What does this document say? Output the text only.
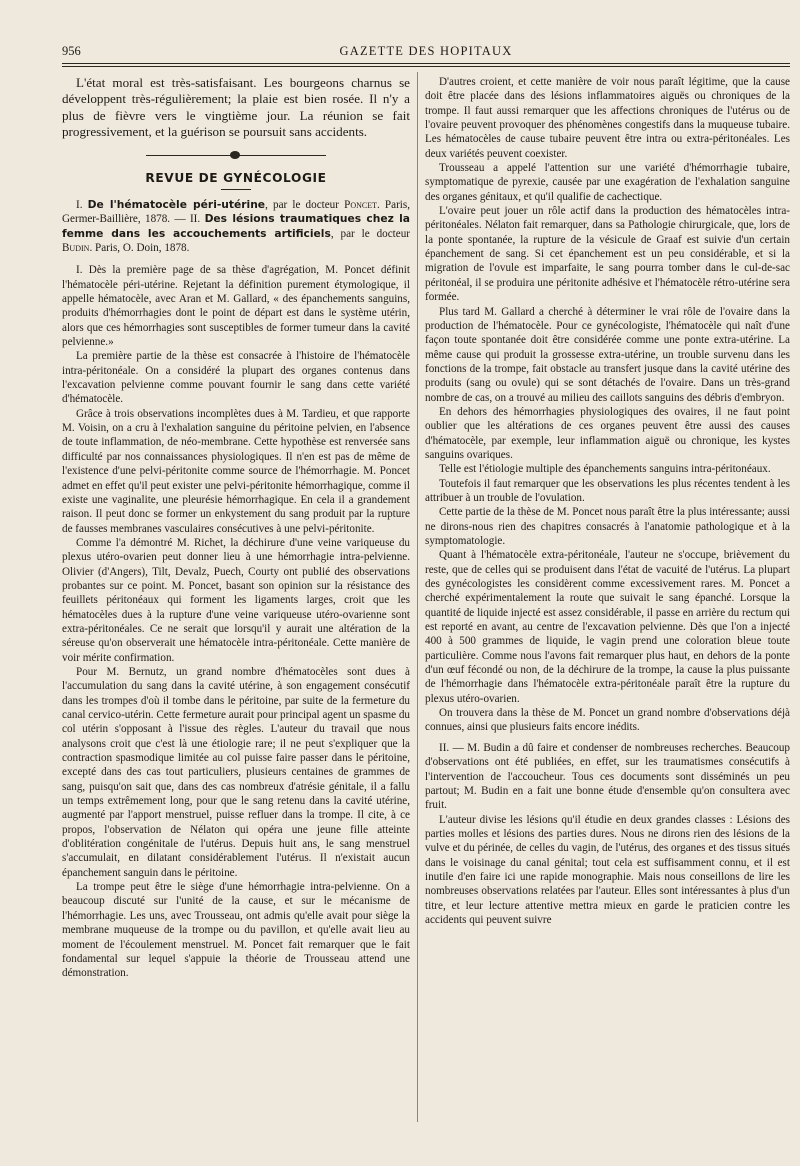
956	GAZETTE DES HOPITAUX

L'état moral est très-satisfaisant. Les bourgeons charnus se développent très-régulièrement; la plaie est bien rosée. Il n'y a plus de fièvre vers le vingtième jour. La réunion se fait progressivement, et la guérison se poursuit sans accidents.

REVUE DE GYNÉCOLOGIE

I. De l'hématocèle péri-utérine, par le docteur Poncet. Paris, Germer-Baillière, 1878. — II. Des lésions traumatiques chez la femme dans les accouchements artificiels, par le docteur Budin. Paris, O. Doin, 1878.

I. Dès la première page de sa thèse d'agrégation, M. Poncet définit l'hématocèle péri-utérine. Rejetant la définition purement étymologique, il appelle hématocèle, avec Aran et M. Gallard, « des épanchements sanguins, produits d'hémorrhagies dont le point de départ est dans le système utérin, alors que ces hémorrhagies sont susceptibles de former tumeur dans la cavité pelvienne.»

La première partie de la thèse est consacrée à l'histoire de l'hématocèle intra-péritonéale. On a considéré la plupart des organes contenus dans l'excavation pelvienne comme pouvant fournir le sang dans cette variété d'hématocèle.

Grâce à trois observations incomplètes dues à M. Tardieu, et que rapporte M. Voisin, on a cru à l'exhalation sanguine du péritoine pelvien, en l'absence de toute inflammation, de néo-membrane. Cette hypothèse est renversée sans difficulté par nos connaissances physiologiques. Il n'en est pas de même de l'existence d'une pelvi-péritonite comme source de l'hémorrhagie. M. Poncet admet en effet qu'il peut exister une pelvi-péritonite hémorrhagique, comme il existe une vaginalite, une pleurésie hémorrhagique. En cela il a grandement raison. Il peut donc se former un enkystement du sang produit par la rupture de fausses membranes vasculaires consécutives à une pelvi-péritonite.

Comme l'a démontré M. Richet, la déchirure d'une veine variqueuse du plexus utéro-ovarien peut donner lieu à une hémorrhagie intra-pelvienne. Olivier (d'Angers), Tilt, Devalz, Puech, Courty ont publié des observations probantes sur ce point. M. Poncet, basant son opinion sur la résistance des feuillets péritonéaux qui forment les ligaments larges, croit que les hématocèles dues à la rupture d'une veine variqueuse utéro-ovarienne sont extra-péritonéales. Ce ne serait que lorsqu'il y aurait une altération de la séreuse qu'on observerait une hématocèle intra-péritonéale. Cette manière de voir mérite confirmation.

Pour M. Bernutz, un grand nombre d'hématocèles sont dues à l'accumulation du sang dans la cavité utérine, à son engagement consécutif dans les trompes d'où il tombe dans le péritoine, par suite de la fermeture du canal cervico-utérin. Cette fermeture aurait pour principal agent un spasme du col utérin s'opposant à l'issue des règles. L'auteur du travail que nous analysons croit que c'est là une étiologie rare; il ne peut s'expliquer que la contraction spasmodique limitée au col puisse faire passer dans le péritoine, excepté dans des cas tout particuliers, plusieurs centaines de grammes de sang, puisqu'on sait que, dans des cas nombreux d'atrésie génitale, il a fallu un temps extrêmement long, pour que le sang retenu dans la cavité utérine, augmenté par l'apport menstruel, puisse refluer dans la trompe. Il cite, à ce propos, l'observation de Nélaton qui opéra une jeune fille atteinte d'oblitération congénitale de l'utérus. Depuis huit ans, le sang menstruel s'accumulait, en dilatant considérablement l'utérus. Il n'existait aucun épanchement sanguin dans le péritoine.

La trompe peut être le siège d'une hémorrhagie intra-pelvienne. On a beaucoup discuté sur l'unité de la cause, et sur le mécanisme de l'hémorrhagie. Les uns, avec Trousseau, ont admis qu'elle avait pour siège la membrane muqueuse de la trompe ou du pavillon, et qu'elle avait lieu au moment de l'écoulement menstruel. M. Poncet fait remarquer que le fait fondamental sur lequel s'appuie la théorie de Trousseau attend une démonstration.

D'autres croient, et cette manière de voir nous paraît légitime, que la cause doit être placée dans des lésions inflammatoires aiguës ou chroniques de la trompe. Il faut aussi remarquer que les affections chroniques de l'utérus ou de l'ovaire peuvent provoquer des phénomènes congestifs dans la muqueuse tubaire. Les hématocèles de cause tubaire peuvent être intra ou extra-péritonéales. Les deux variétés peuvent coexister.

Trousseau a appelé l'attention sur une variété d'hémorrhagie tubaire, symptomatique de pyrexie, causée par une exagération de l'exhalation sanguine des organes génitaux, et qu'il qualifie de cachectique.

L'ovaire peut jouer un rôle actif dans la production des hématocèles intra-péritonéales. Nélaton fait remarquer, dans sa Pathologie chirurgicale, que, lors de la ponte spontanée, la rupture de la vésicule de Graaf est suivie d'un certain épanchement de sang. Si cet épanchement est un peu considérable, et si la migration de l'ovule est imparfaite, le sang pourra tomber dans le cul-de-sac péritonéal, il se produira une péritonite adhésive et l'hématocèle rétro-utérine sera formée.

Plus tard M. Gallard a cherché à déterminer le vrai rôle de l'ovaire dans la production de l'hématocèle. Pour ce gynécologiste, l'hématocèle qui naît d'une façon toute spontanée doit être considérée comme une ponte extra-utérine. La même cause qui produit la grossesse extra-utérine, un trouble survenu dans les fonctions de la trompe, fait obstacle au transfert jusque dans la cavité utérine des produits (sang ou ovule) qui se sont détachés de l'ovaire. Dans un très-grand nombre de cas, on a trouvé au milieu des caillots sanguins des débris d'embryon.

En dehors des hémorrhagies physiologiques des ovaires, il ne faut point oublier que les altérations de ces organes peuvent être aussi des causes d'hématocèle, par exemple, leur inflammation aiguë ou chronique, les kystes sanguins ovariques.

Telle est l'étiologie multiple des épanchements sanguins intra-péritonéaux.

Toutefois il faut remarquer que les observations les plus récentes tendent à les attribuer à un trouble de l'ovulation.

Cette partie de la thèse de M. Poncet nous paraît être la plus intéressante; aussi ne dirons-nous rien des chapitres consacrés à l'anatomie pathologique et à la symptomatologie.

Quant à l'hématocèle extra-péritonéale, l'auteur ne s'occupe, brièvement du reste, que de celles qui se produisent dans l'état de vacuité de l'utérus. La plupart des gynécologistes les considèrent comme excessivement rares. M. Poncet a cherché expérimentalement la route que suivait le sang épanché. Lorsque la quantité de liquide injecté est assez considérable, il passe en arrière du rectum qui est reporté en avant, au centre de l'excavation pelvienne. Dès que l'on a injecté 400 à 500 grammes de liquide, le vagin prend une coloration bleue toute particulière. Comme nous l'avons fait remarquer plus haut, en dehors de la ponte d'un œuf fécondé ou non, de la déchirure de la trompe, la cause la plus puissante de l'hémorrhagie dans l'hématocèle extra-péritonéale paraît être la rupture du plexus utéro-ovarien.

On trouvera dans la thèse de M. Poncet un grand nombre d'observations déjà connues, ainsi que plusieurs faits encore inédits.

II. — M. Budin a dû faire et condenser de nombreuses recherches. Beaucoup d'observations ont été publiées, en effet, sur les traumatismes consécutifs à l'intervention de l'accoucheur. Tous ces documents sont disséminés un peu partout; M. Budin en a fait une bonne étude d'ensemble qu'on consultera avec fruit.

L'auteur divise les lésions qu'il étudie en deux grandes classes : Lésions des parties molles et lésions des parties dures. Nous ne dirons rien des lésions de la vulve et du périnée, de celles du vagin, de l'utérus, des organes et des tissus situés dans le voisinage du canal génital; tout cela est suffisamment connu, et il est inutile d'en faire ici une rapide monographie. Mais nous conseillons de lire les nombreuses observations relatées par l'auteur. Elles sont intéressantes à plus d'un titre, et leur lecture attentive mettra mieux en garde le praticien contre les accidents qui peuvent suivre
